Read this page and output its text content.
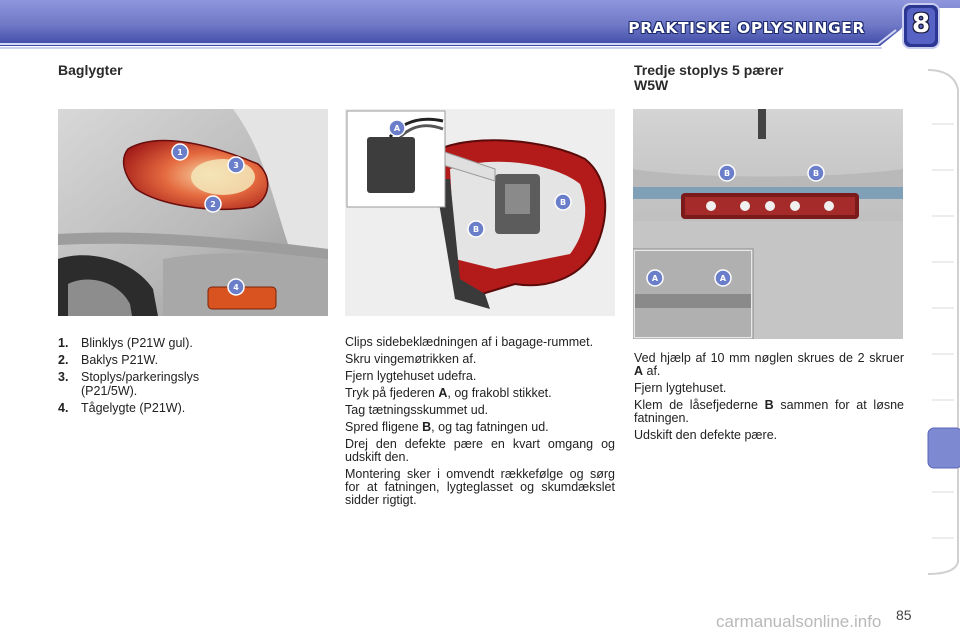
PRAKTISKE OPLYSNINGER 8
Baglygter
1
3
2
4
1.	Blinklys (P21W gul).
2.	Baklys P21W.
3.	Stoplys/parkeringslys (P21/5W).
4.	Tågelygte (P21W).
A
B
B

Clips sidebeklædningen af i bagage-rummet.

Skru vingemøtrikken af.

Fjern lygtehuset udefra.

Tryk på fjederen A, og frakobl stikket.

Tag tætningsskummet ud.

Spred fligene B, og tag fatningen ud.

Drej den defekte pære en kvart omgang og udskift den.

Montering sker i omvendt rækkefølge og sørg for at fatningen, lygteglasset og skumdækslet sidder rigtigt.

Tredje stoplys 5 pærer
W5W
B	B
A	A

Ved hjælp af 10 mm nøglen skrues de 2 skruer A af.

Fjern lygtehuset.

Klem de låsefjederne B sammen for at løsne fatningen.

Udskift den defekte pære.

85
carmanualsonline.info
